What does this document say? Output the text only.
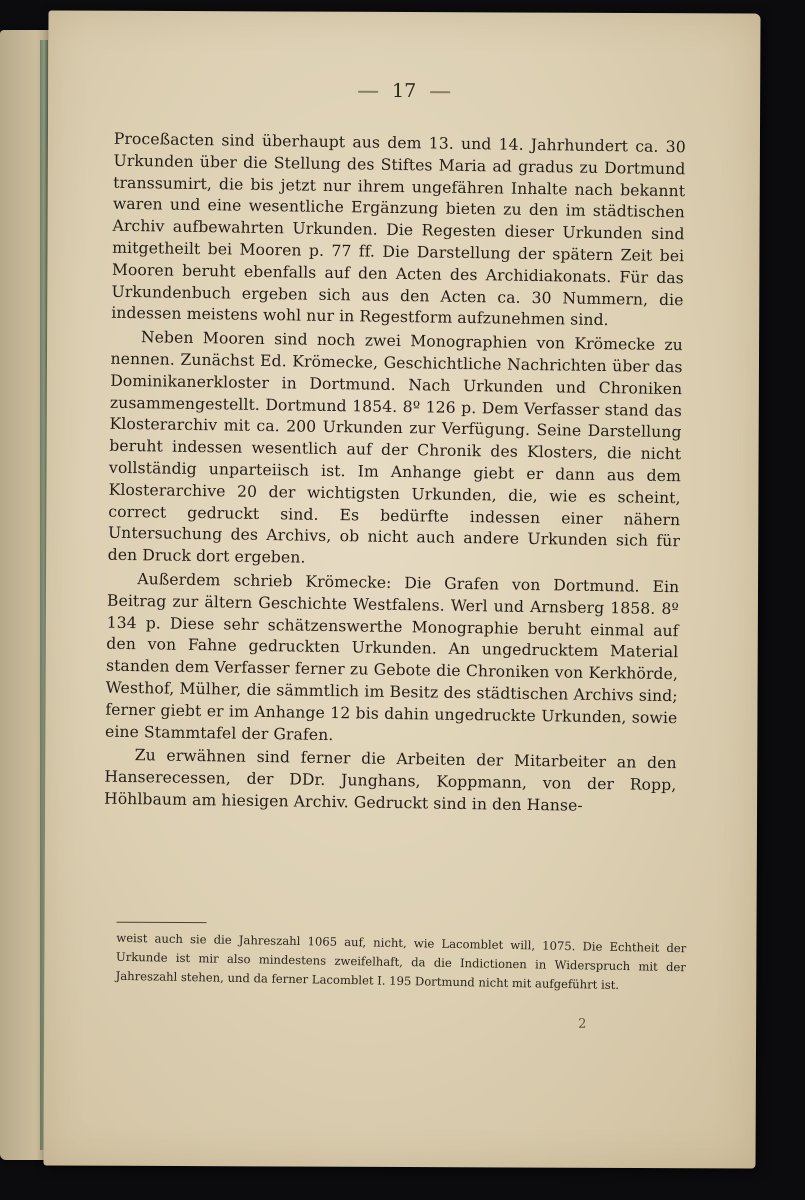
17

Proceßacten sind überhaupt aus dem 13. und 14. Jahrhundert ca. 30 Urkunden über die Stellung des Stiftes Maria ad gradus zu Dortmund transsumirt, die bis jetzt nur ihrem ungefähren Inhalte nach bekannt waren und eine wesentliche Ergänzung bieten zu den im städtischen Archiv aufbewahrten Urkunden. Die Regesten dieser Urkunden sind mitgetheilt bei Mooren p. 77 ff. Die Darstellung der spätern Zeit bei Mooren beruht ebenfalls auf den Acten des Archidiakonats. Für das Urkundenbuch ergeben sich aus den Acten ca. 30 Nummern, die indessen meistens wohl nur in Regestform aufzunehmen sind.

Neben Mooren sind noch zwei Monographien von Krömecke zu nennen. Zunächst Ed. Krömecke, Geschichtliche Nachrichten über das Dominikanerkloster in Dortmund. Nach Urkunden und Chroniken zusammengestellt. Dortmund 1854. 8º 126 p. Dem Verfasser stand das Klosterarchiv mit ca. 200 Urkunden zur Verfügung. Seine Darstellung beruht indessen wesentlich auf der Chronik des Klosters, die nicht vollständig unparteiisch ist. Im Anhange giebt er dann aus dem Klosterarchive 20 der wichtigsten Urkunden, die, wie es scheint, correct gedruckt sind. Es bedürfte indessen einer nähern Untersuchung des Archivs, ob nicht auch andere Urkunden sich für den Druck dort ergeben.

Außerdem schrieb Krömecke: Die Grafen von Dortmund. Ein Beitrag zur ältern Geschichte Westfalens. Werl und Arnsberg 1858. 8º 134 p. Diese sehr schätzenswerthe Monographie beruht einmal auf den von Fahne gedruckten Urkunden. An ungedrucktem Material standen dem Verfasser ferner zu Gebote die Chroniken von Kerkhörde, Westhof, Mülher, die sämmtlich im Besitz des städtischen Archivs sind; ferner giebt er im Anhange 12 bis dahin ungedruckte Urkunden, sowie eine Stammtafel der Grafen.

Zu erwähnen sind ferner die Arbeiten der Mitarbeiter an den Hanserecessen, der DDr. Junghans, Koppmann, von der Ropp, Höhlbaum am hiesigen Archiv. Gedruckt sind in den Hanse-

weist auch sie die Jahreszahl 1065 auf, nicht, wie Lacomblet will, 1075. Die Echtheit der Urkunde ist mir also mindestens zweifelhaft, da die Indictionen in Widerspruch mit der Jahreszahl stehen, und da ferner Lacomblet I. 195 Dortmund nicht mit aufgeführt ist.
2
